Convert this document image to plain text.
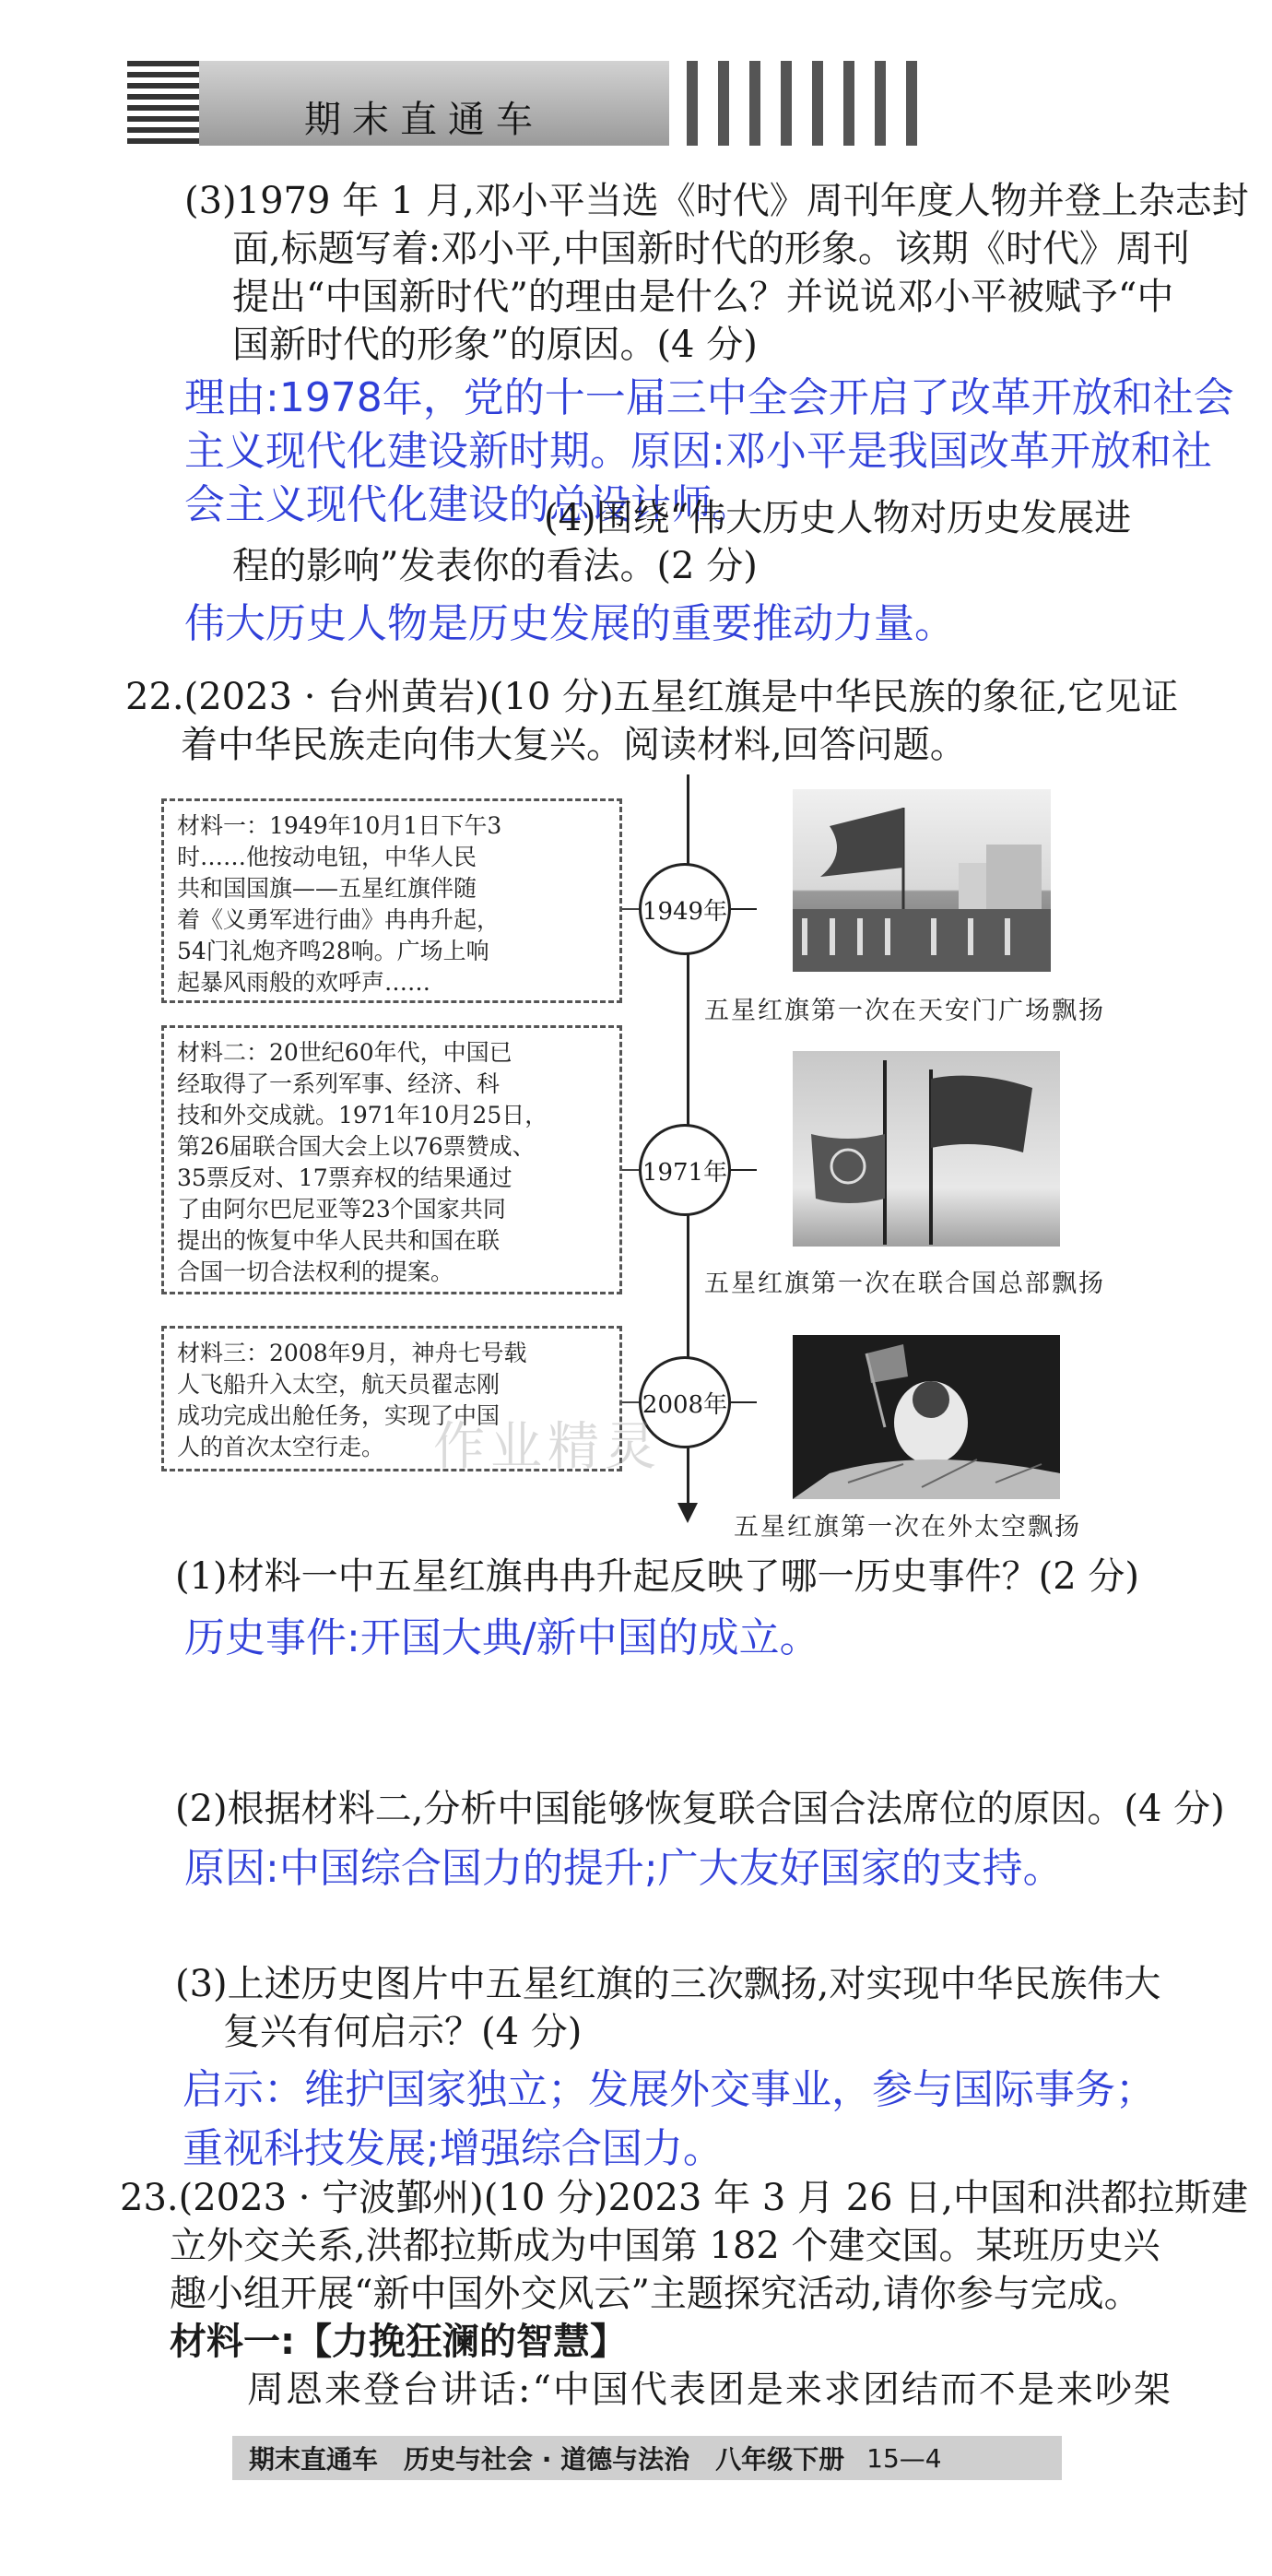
期末直通车
(3)1979 年 1 月,邓小平当选《时代》周刊年度人物并登上杂志封
面,标题写着:邓小平,中国新时代的形象。该期《时代》周刊
提出“中国新时代”的理由是什么？并说说邓小平被赋予“中
国新时代的形象”的原因。(4 分)
理由:1978年，党的十一届三中全会开启了改革开放和社会
主义现代化建设新时期。原因:邓小平是我国改革开放和社
会主义现代化建设的总设计师。
(4)围绕“伟大历史人物对历史发展进
程的影响”发表你的看法。(2 分)
伟大历史人物是历史发展的重要推动力量。
22.(2023 · 台州黄岩)(10 分)五星红旗是中华民族的象征,它见证
着中华民族走向伟大复兴。阅读材料,回答问题。
材料一：1949年10月1日下午3
时……他按动电钮，中华人民
共和国国旗——五星红旗伴随
着《义勇军进行曲》冉冉升起，
54门礼炮齐鸣28响。广场上响
起暴风雨般的欢呼声……
材料二：20世纪60年代，中国已
经取得了一系列军事、经济、科
技和外交成就。1971年10月25日，
第26届联合国大会上以76票赞成、
35票反对、17票弃权的结果通过
了由阿尔巴尼亚等23个国家共同
提出的恢复中华人民共和国在联
合国一切合法权利的提案。
材料三：2008年9月，神舟七号载
人飞船升入太空，航天员翟志刚
成功完成出舱任务，实现了中国
人的首次太空行走。
1949年
1971年
2008年
五星红旗第一次在天安门广场飘扬
五星红旗第一次在联合国总部飘扬
五星红旗第一次在外太空飘扬
作业精灵
(1)材料一中五星红旗冉冉升起反映了哪一历史事件？(2 分)
历史事件:开国大典/新中国的成立。
(2)根据材料二,分析中国能够恢复联合国合法席位的原因。(4 分)
原因:中国综合国力的提升;广大友好国家的支持。
(3)上述历史图片中五星红旗的三次飘扬,对实现中华民族伟大
复兴有何启示？(4 分)
启示：维护国家独立；发展外交事业，参与国际事务；
重视科技发展;增强综合国力。
23.(2023 · 宁波鄞州)(10 分)2023 年 3 月 26 日,中国和洪都拉斯建
立外交关系,洪都拉斯成为中国第 182 个建交国。某班历史兴
趣小组开展“新中国外交风云”主题探究活动,请你参与完成。
材料一:【力挽狂澜的智慧】
周恩来登台讲话:“中国代表团是来求团结而不是来吵架
期末直通车　历史与社会 · 道德与法治　八年级下册 15—4
